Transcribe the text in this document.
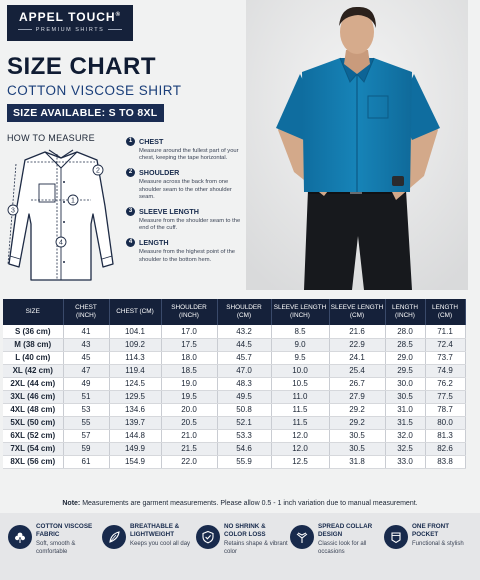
APPEL TOUCH®
PREMIUM SHIRTS
SIZE CHART
COTTON VISCOSE SHIRT
SIZE AVAILABLE: S TO 8XL
HOW TO MEASURE
1
2
3
4
1 CHEST
Measure around the fullest part of your chest, keeping the tape horizontal.
2 SHOULDER
Measure across the back from one shoulder seam to the other shoulder seam.
3 SLEEVE LENGTH
Measure from the shoulder seam to the end of the cuff.
4 LENGTH
Measure from the highest point of the shoulder to the bottom hem.
SIZE	CHEST (INCH)	CHEST (CM)	SHOULDER (INCH)	SHOULDER (CM)	SLEEVE LENGTH (INCH)	SLEEVE LENGTH (CM)	LENGTH (INCH)	LENGTH (CM)
S (36 cm)	41	104.1	17.0	43.2	8.5	21.6	28.0	71.1
M (38 cm)	43	109.2	17.5	44.5	9.0	22.9	28.5	72.4
L (40 cm)	45	114.3	18.0	45.7	9.5	24.1	29.0	73.7
XL (42 cm)	47	119.4	18.5	47.0	10.0	25.4	29.5	74.9
2XL (44 cm)	49	124.5	19.0	48.3	10.5	26.7	30.0	76.2
3XL (46 cm)	51	129.5	19.5	49.5	11.0	27.9	30.5	77.5
4XL (48 cm)	53	134.6	20.0	50.8	11.5	29.2	31.0	78.7
5XL (50 cm)	55	139.7	20.5	52.1	11.5	29.2	31.5	80.0
6XL (52 cm)	57	144.8	21.0	53.3	12.0	30.5	32.0	81.3
7XL (54 cm)	59	149.9	21.5	54.6	12.0	30.5	32.5	82.6
8XL (56 cm)	61	154.9	22.0	55.9	12.5	31.8	33.0	83.8
Note: Measurements are garment measurements. Please allow 0.5 - 1 inch variation due to manual measurement.
COTTON VISCOSE FABRIC
Soft, smooth & comfortable
BREATHABLE & LIGHTWEIGHT
Keeps you cool all day
NO SHRINK & COLOR LOSS
Retains shape & vibrant color
SPREAD COLLAR DESIGN
Classic look for all occasions
ONE FRONT POCKET
Functional & stylish
